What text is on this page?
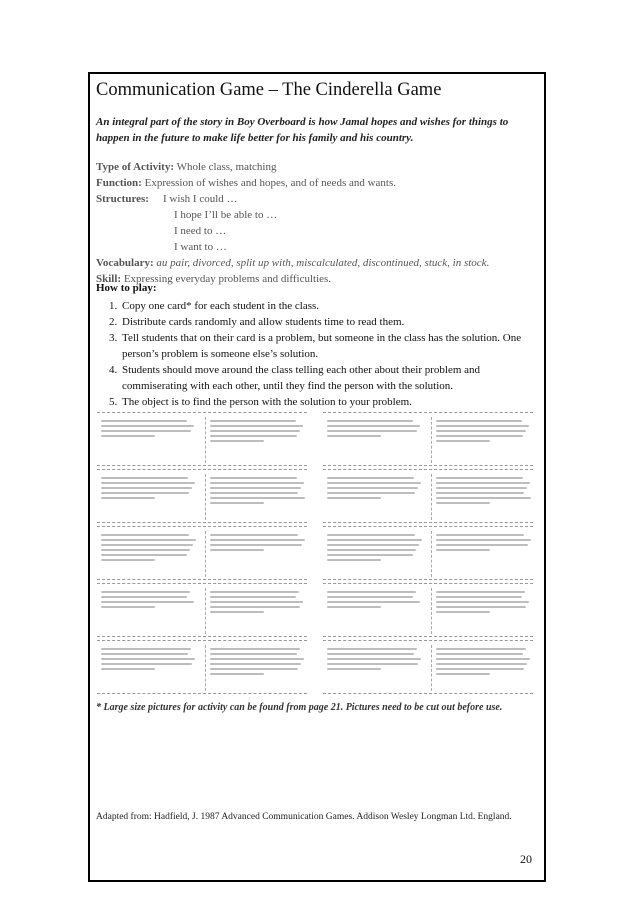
Communication Game – The Cinderella Game
An integral part of the story in Boy Overboard is how Jamal hopes and wishes for things to happen in the future to make life better for his family and his country.
Type of Activity: Whole class, matching
Function: Expression of wishes and hopes, and of needs and wants.
Structures: I wish I could …
I hope I’ll be able to …
I need to …
I want to …
Vocabulary: au pair, divorced, split up with, miscalculated, discontinued, stuck, in stock.
Skill: Expressing everyday problems and difficulties.
How to play:
1. Copy one card* for each student in the class.
2. Distribute cards randomly and allow students time to read them.
3. Tell students that on their card is a problem, but someone in the class has the solution. One person’s problem is someone else’s solution.
4. Students should move around the class telling each other about their problem and commiserating with each other, until they find the person with the solution.
5. The object is to find the person with the solution to your problem.
* Large size pictures for activity can be found from page 21. Pictures need to be cut out before use.
Adapted from: Hadfield, J. 1987 Advanced Communication Games. Addison Wesley Longman Ltd. England.
20
